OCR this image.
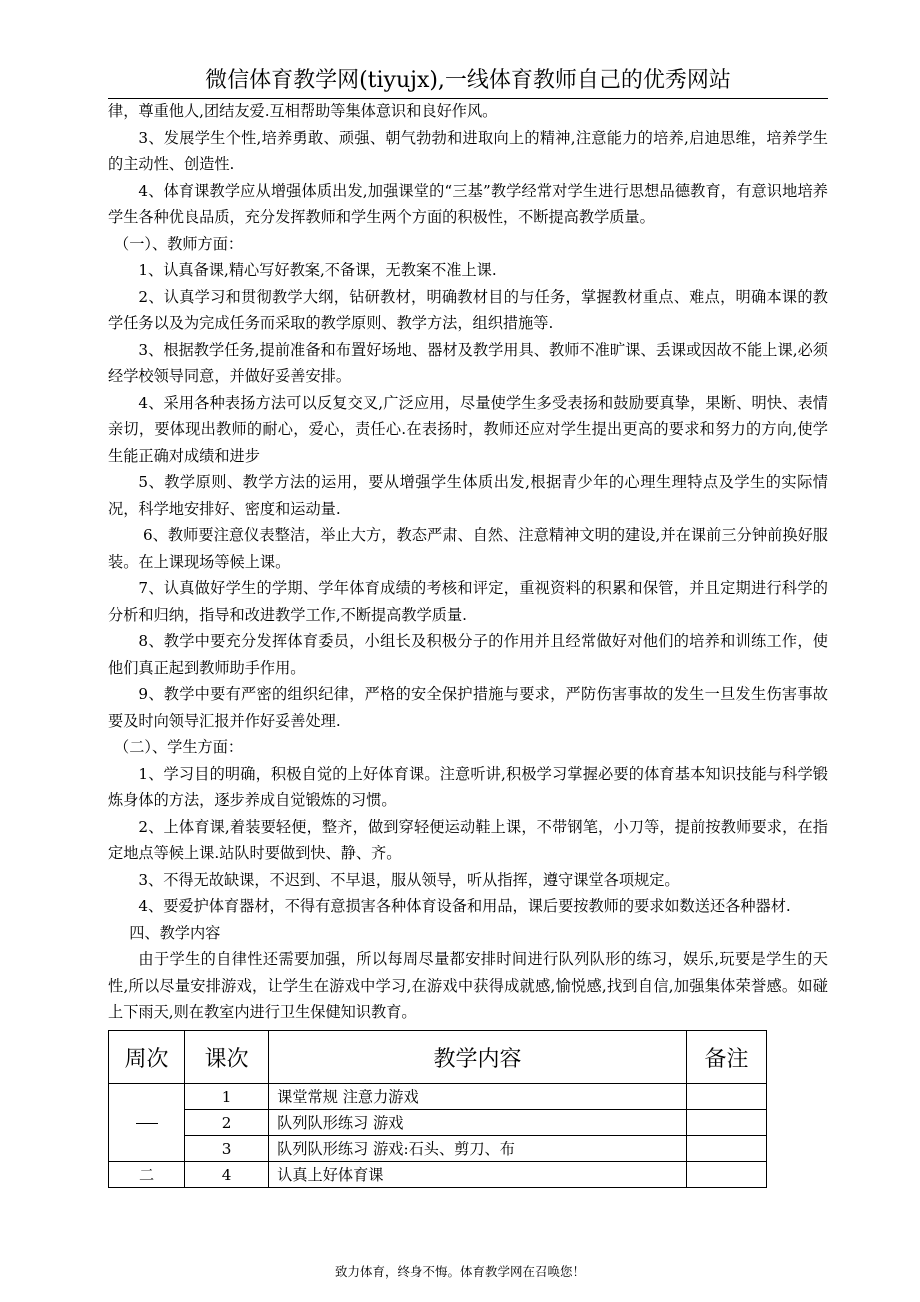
微信体育教学网(tiyujx),一线体育教师自己的优秀网站

律，尊重他人,团结友爱.互相帮助等集体意识和良好作风。

3、发展学生个性,培养勇敢、顽强、朝气勃勃和进取向上的精神,注意能力的培养,启迪思维，培养学生的主动性、创造性.

4、体育课教学应从增强体质出发,加强课堂的“三基”教学经常对学生进行思想品德教育，有意识地培养学生各种优良品质，充分发挥教师和学生两个方面的积极性，不断提高教学质量。

（一）、教师方面：

1、认真备课,精心写好教案,不备课，无教案不准上课.

2、认真学习和贯彻教学大纲，钻研教材，明确教材目的与任务，掌握教材重点、难点，明确本课的教学任务以及为完成任务而采取的教学原则、教学方法，组织措施等.

3、根据教学任务,提前准备和布置好场地、器材及教学用具、教师不准旷课、丢课或因故不能上课,必须经学校领导同意，并做好妥善安排。

4、采用各种表扬方法可以反复交叉,广泛应用，尽量使学生多受表扬和鼓励要真挚，果断、明快、表情亲切，要体现出教师的耐心，爱心，责任心.在表扬时，教师还应对学生提出更高的要求和努力的方向,使学生能正确对成绩和进步

5、教学原则、教学方法的运用，要从增强学生体质出发,根据青少年的心理生理特点及学生的实际情况，科学地安排好、密度和运动量.

6、教师要注意仪表整洁，举止大方，教态严肃、自然、注意精神文明的建设,并在课前三分钟前换好服装。在上课现场等候上课。

7、认真做好学生的学期、学年体育成绩的考核和评定，重视资料的积累和保管，并且定期进行科学的分析和归纳，指导和改进教学工作,不断提高教学质量.

8、教学中要充分发挥体育委员，小组长及积极分子的作用并且经常做好对他们的培养和训练工作，使他们真正起到教师助手作用。

9、教学中要有严密的组织纪律，严格的安全保护措施与要求，严防伤害事故的发生一旦发生伤害事故要及时向领导汇报并作好妥善处理.

（二）、学生方面：

1、学习目的明确，积极自觉的上好体育课。注意听讲,积极学习掌握必要的体育基本知识技能与科学锻炼身体的方法，逐步养成自觉锻炼的习惯。

2、上体育课,着装要轻便，整齐，做到穿轻便运动鞋上课，不带钢笔，小刀等，提前按教师要求，在指定地点等候上课.站队时要做到快、静、齐。

3、不得无故缺课，不迟到、不早退，服从领导，听从指挥，遵守课堂各项规定。

4、要爱护体育器材，不得有意损害各种体育设备和用品，课后要按教师的要求如数送还各种器材.

四、教学内容

由于学生的自律性还需要加强，所以每周尽量都安排时间进行队列队形的练习，娱乐,玩要是学生的天性,所以尽量安排游戏，让学生在游戏中学习,在游戏中获得成就感,愉悦感,找到自信,加强集体荣誉感。如碰上下雨天,则在教室内进行卫生保健知识教育。

周次	课次	教学内容	备注
	1	课堂常规 注意力游戏	
	2	队列队形练习 游戏	
	3	队列队形练习 游戏:石头、剪刀、布	
二	4	认真上好体育课	
致力体育，终身不悔。体育教学网在召唤您！
